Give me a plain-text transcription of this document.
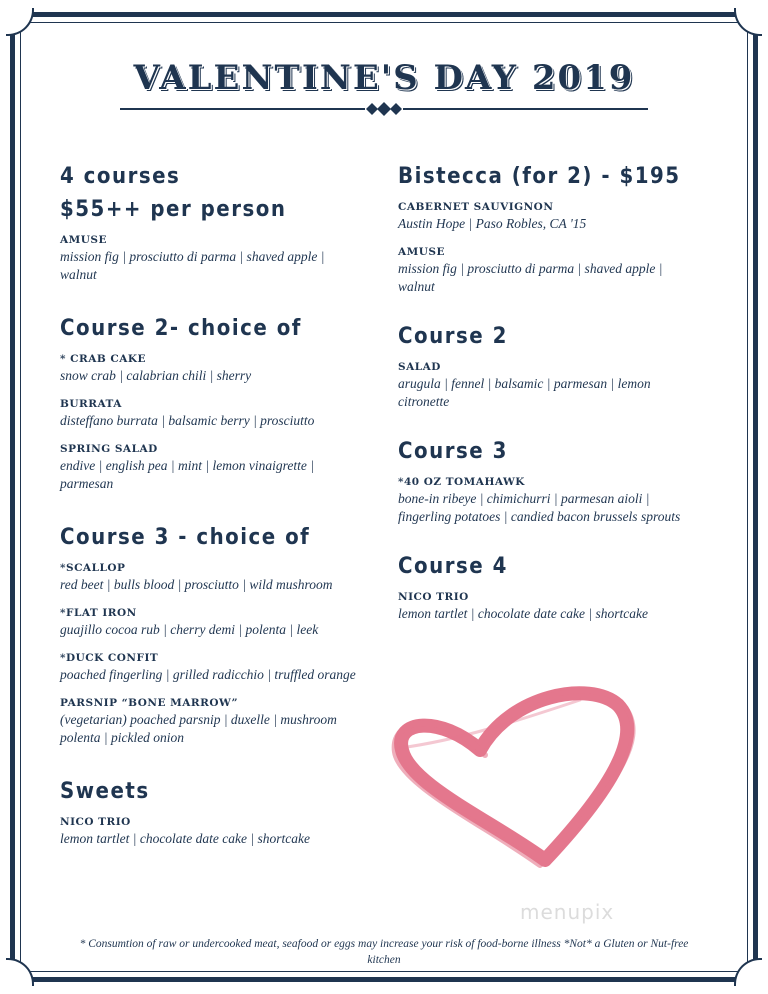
VALENTINE'S DAY 2019
4 courses
$55++ per person
AMUSE
mission fig | prosciutto di parma | shaved apple | walnut
Course 2- choice of
* CRAB CAKE
snow crab | calabrian chili | sherry
BURRATA
disteffano burrata | balsamic berry | prosciutto
SPRING SALAD
endive | english pea | mint | lemon vinaigrette | parmesan
Course 3 - choice of
*SCALLOP
red beet | bulls blood | prosciutto | wild mushroom
*FLAT IRON
guajillo cocoa rub | cherry demi | polenta | leek
*DUCK CONFIT
poached fingerling | grilled radicchio | truffled orange
PARSNIP “BONE MARROW”
(vegetarian) poached parsnip | duxelle | mushroom polenta | pickled onion
Sweets
NICO TRIO
lemon tartlet | chocolate date cake | shortcake
Bistecca (for 2) - $195
CABERNET SAUVIGNON
Austin Hope | Paso Robles, CA '15
AMUSE
mission fig | prosciutto di parma | shaved apple | walnut
Course 2
SALAD
arugula | fennel | balsamic | parmesan | lemon citronette
Course 3
*40 OZ TOMAHAWK
bone-in ribeye | chimichurri | parmesan aioli | fingerling potatoes | candied bacon brussels sprouts
Course 4
NICO TRIO
lemon tartlet | chocolate date cake | shortcake
menupix
* Consumtion of raw or undercooked meat, seafood or eggs may increase your risk of food-borne illness *Not* a Gluten or Nut-free kitchen
